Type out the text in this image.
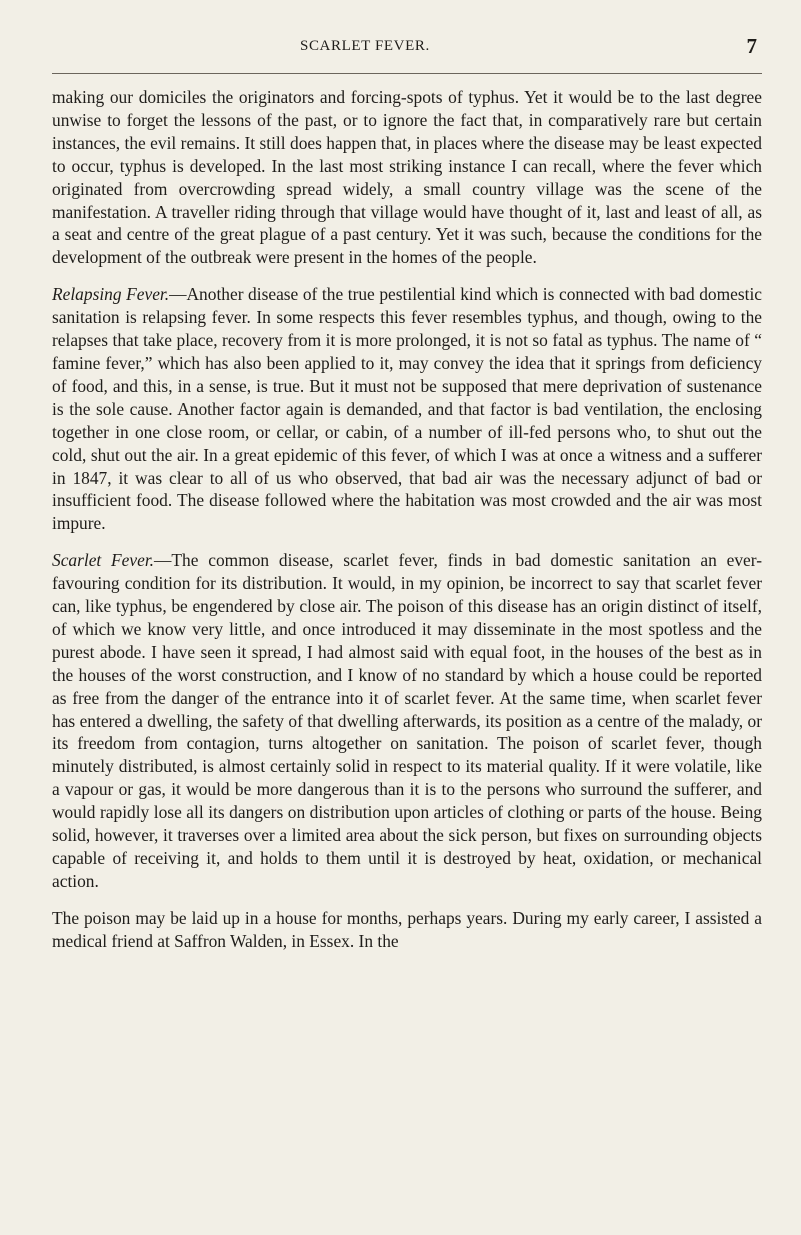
SCARLET FEVER.	7

making our domiciles the originators and forcing-spots of typhus. Yet it would be to the last degree unwise to forget the lessons of the past, or to ignore the fact that, in comparatively rare but certain instances, the evil remains. It still does happen that, in places where the disease may be least expected to occur, typhus is developed. In the last most striking instance I can recall, where the fever which originated from overcrowding spread widely, a small country village was the scene of the manifestation. A traveller riding through that village would have thought of it, last and least of all, as a seat and centre of the great plague of a past century. Yet it was such, because the conditions for the development of the outbreak were present in the homes of the people.

Relapsing Fever.—Another disease of the true pestilential kind which is connected with bad domestic sanitation is relapsing fever. In some respects this fever resembles typhus, and though, owing to the relapses that take place, recovery from it is more prolonged, it is not so fatal as typhus. The name of “ famine fever,” which has also been applied to it, may convey the idea that it springs from deficiency of food, and this, in a sense, is true. But it must not be supposed that mere deprivation of sustenance is the sole cause. Another factor again is demanded, and that factor is bad ventilation, the enclosing together in one close room, or cellar, or cabin, of a number of ill-fed persons who, to shut out the cold, shut out the air. In a great epidemic of this fever, of which I was at once a witness and a sufferer in 1847, it was clear to all of us who observed, that bad air was the necessary adjunct of bad or insufficient food. The disease followed where the habitation was most crowded and the air was most impure.

Scarlet Fever.—The common disease, scarlet fever, finds in bad domestic sanitation an ever-favouring condition for its distribution. It would, in my opinion, be incorrect to say that scarlet fever can, like typhus, be engendered by close air. The poison of this disease has an origin distinct of itself, of which we know very little, and once introduced it may disseminate in the most spotless and the purest abode. I have seen it spread, I had almost said with equal foot, in the houses of the best as in the houses of the worst construction, and I know of no standard by which a house could be reported as free from the danger of the entrance into it of scarlet fever. At the same time, when scarlet fever has entered a dwelling, the safety of that dwelling afterwards, its position as a centre of the malady, or its freedom from contagion, turns altogether on sanitation. The poison of scarlet fever, though minutely distributed, is almost certainly solid in respect to its material quality. If it were volatile, like a vapour or gas, it would be more dangerous than it is to the persons who surround the sufferer, and would rapidly lose all its dangers on distribution upon articles of clothing or parts of the house. Being solid, however, it traverses over a limited area about the sick person, but fixes on surrounding objects capable of receiving it, and holds to them until it is destroyed by heat, oxidation, or mechanical action.

The poison may be laid up in a house for months, perhaps years. During my early career, I assisted a medical friend at Saffron Walden, in Essex. In the
